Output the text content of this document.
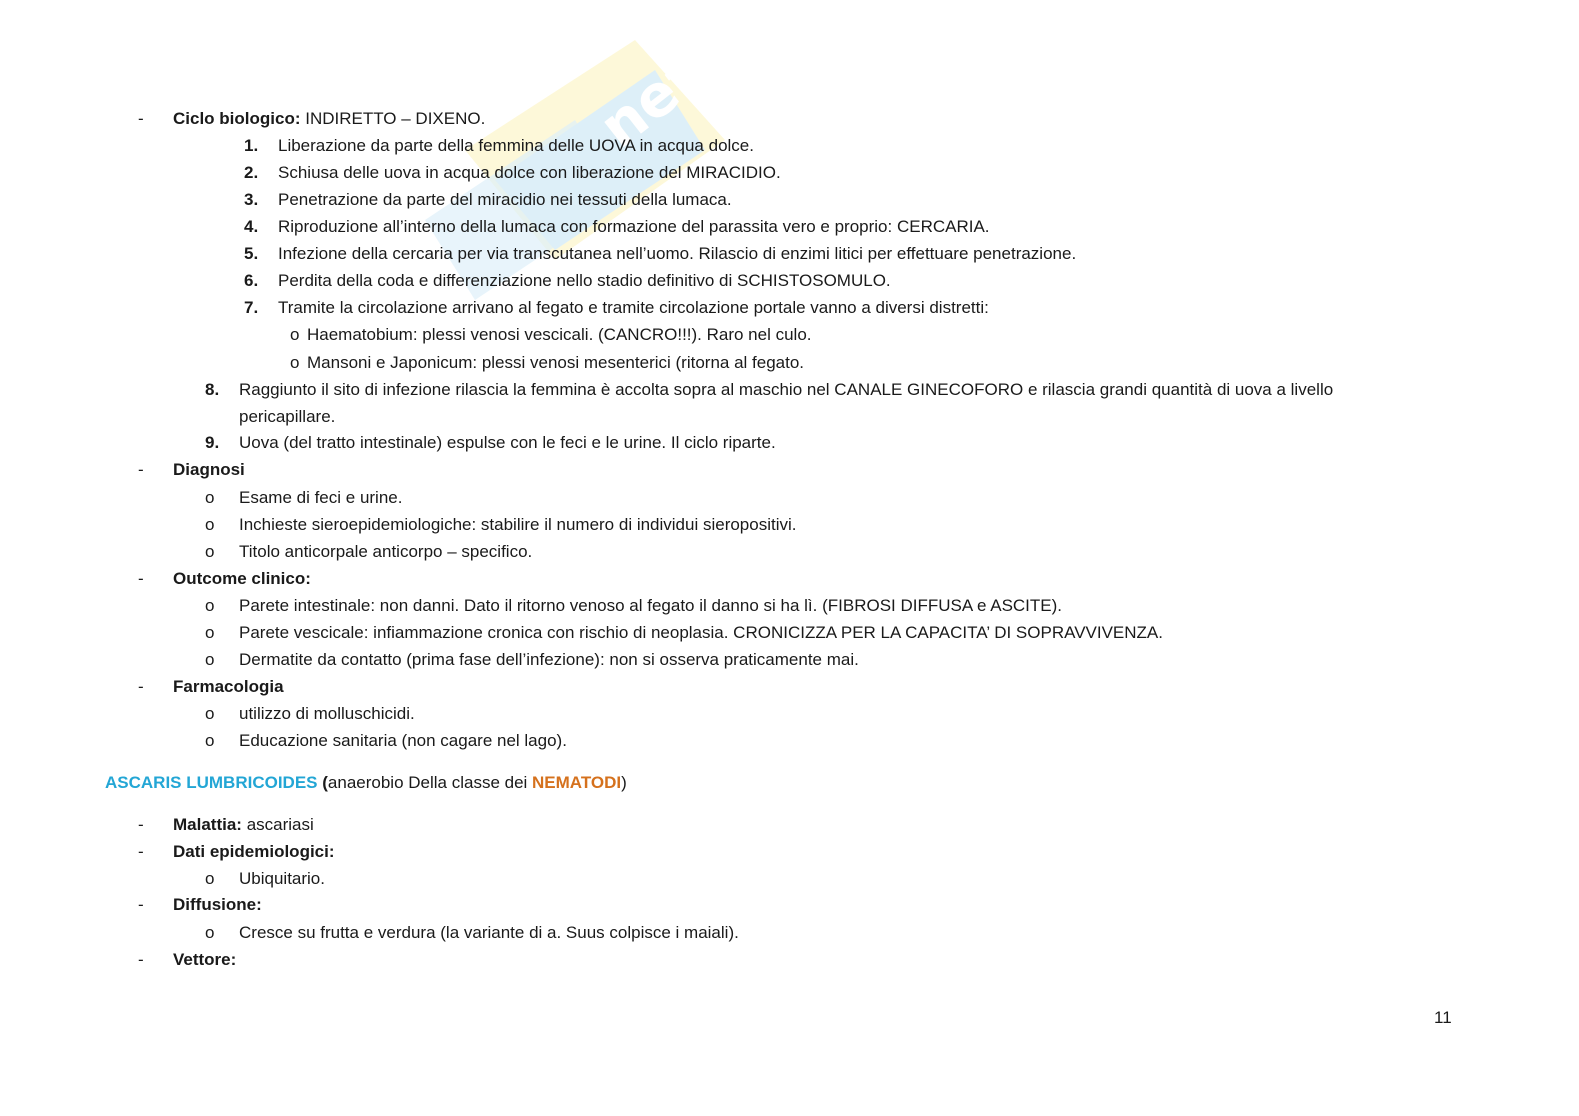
net
- Ciclo biologico: INDIRETTO – DIXENO.
1. Liberazione da parte della femmina delle UOVA in acqua dolce.
2. Schiusa delle uova in acqua dolce con liberazione del MIRACIDIO.
3. Penetrazione da parte del miracidio nei tessuti della lumaca.
4. Riproduzione all’interno della lumaca con formazione del parassita vero e proprio: CERCARIA.
5. Infezione della cercaria per via transcutanea nell’uomo. Rilascio di enzimi litici per effettuare penetrazione.
6. Perdita della coda e differenziazione nello stadio definitivo di SCHISTOSOMULO.
7. Tramite la circolazione arrivano al fegato e tramite circolazione portale vanno a diversi distretti:
o Haematobium: plessi venosi vescicali. (CANCRO!!!). Raro nel culo.
o Mansoni e Japonicum: plessi venosi mesenterici (ritorna al fegato.
8. Raggiunto il sito di infezione rilascia la femmina è accolta sopra al maschio nel CANALE GINECOFORO e rilascia grandi quantità di uova a livello
pericapillare.
9. Uova (del tratto intestinale) espulse con le feci e le urine. Il ciclo riparte.
- Diagnosi
o Esame di feci e urine.
o Inchieste sieroepidemiologiche: stabilire il numero di individui sieropositivi.
o Titolo anticorpale anticorpo – specifico.
- Outcome clinico:
o Parete intestinale: non danni. Dato il ritorno venoso al fegato il danno si ha lì. (FIBROSI DIFFUSA e ASCITE).
o Parete vescicale: infiammazione cronica con rischio di neoplasia. CRONICIZZA PER LA CAPACITA’ DI SOPRAVVIVENZA.
o Dermatite da contatto (prima fase dell’infezione): non si osserva praticamente mai.
- Farmacologia
o utilizzo di molluschicidi.
o Educazione sanitaria (non cagare nel lago).
ASCARIS LUMBRICOIDES (anaerobio Della classe dei NEMATODI)
- Malattia: ascariasi
- Dati epidemiologici:
o Ubiquitario.
- Diffusione:
o Cresce su frutta e verdura (la variante di a. Suus colpisce i maiali).
- Vettore:
11
